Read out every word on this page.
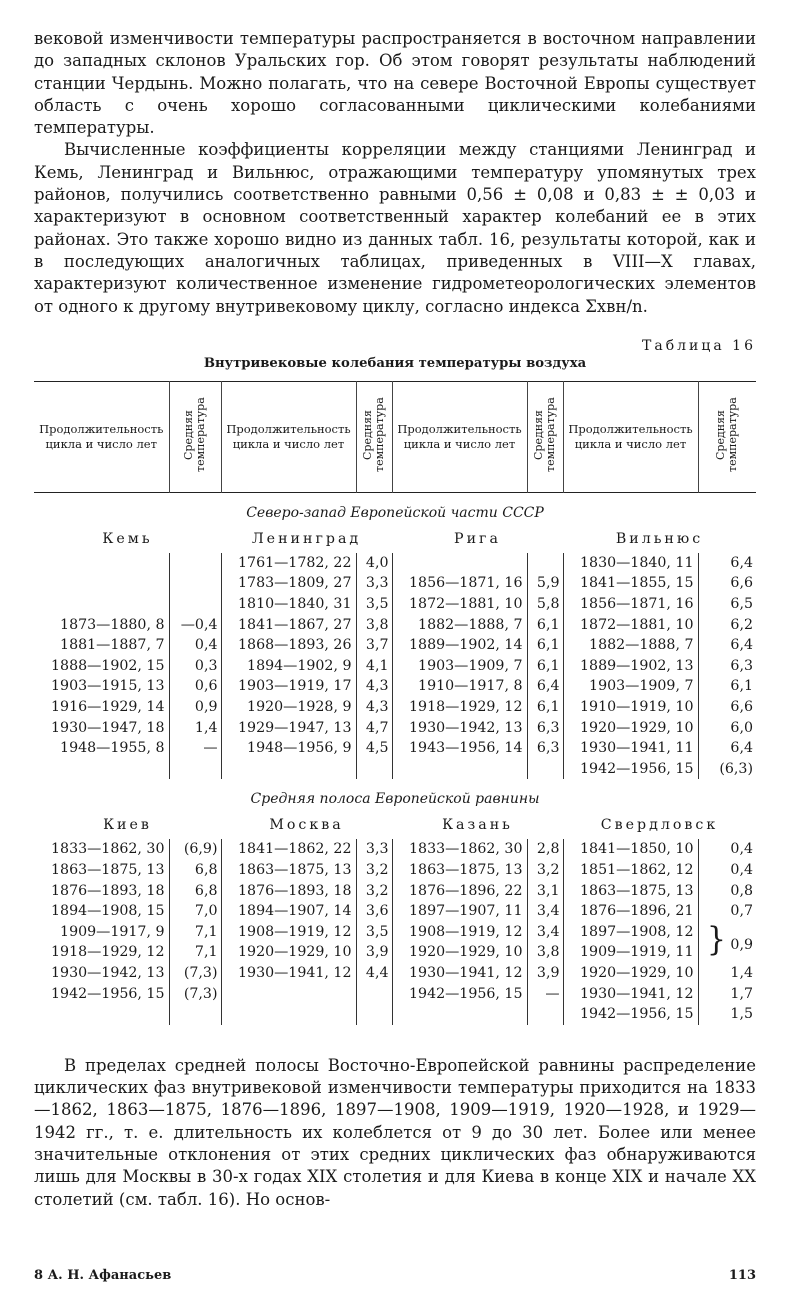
вековой изменчивости температуры распространяется в восточном направлении до западных склонов Уральских гор. Об этом говорят результаты наблюдений станции Чердынь. Можно полагать, что на севере Восточной Европы существует область с очень хорошо согласованными циклическими колебаниями температуры.

Вычисленные коэффициенты корреляции между станциями Ленинград и Кемь, Ленинград и Вильнюс, отражающими температуру упомянутых трех районов, получились соответственно равными 0,56 ± 0,08 и 0,83 ± ± 0,03 и характеризуют в основном соответственный характер колебаний ее в этих районах. Это также хорошо видно из данных табл. 16, результаты которой, как и в последующих аналогичных таблицах, приведенных в VIII—X главах, характеризуют количественное изменение гидрометеорологических элементов от одного к другому внутривековому циклу, согласно индекса Σxвн/n.

Таблица 16
Внутривековые колебания температуры воздуха
Продолжительность цикла и число лет	Средняя температура	Продолжительность цикла и число лет	Средняя температура	Продолжительность цикла и число лет	Средняя температура	Продолжительность цикла и число лет	Средняя температура
Северо-запад Европейской части СССР
Кемь		Ленинград		Рига		Вильнюс	
		1761—1782, 22	4,0			1830—1840, 11	6,4
		1783—1809, 27	3,3	1856—1871, 16	5,9	1841—1855, 15	6,6
		1810—1840, 31	3,5	1872—1881, 10	5,8	1856—1871, 16	6,5
1873—1880, 8	—0,4	1841—1867, 27	3,8	1882—1888, 7	6,1	1872—1881, 10	6,2
1881—1887, 7	0,4	1868—1893, 26	3,7	1889—1902, 14	6,1	1882—1888, 7	6,4
1888—1902, 15	0,3	1894—1902, 9	4,1	1903—1909, 7	6,1	1889—1902, 13	6,3
1903—1915, 13	0,6	1903—1919, 17	4,3	1910—1917, 8	6,4	1903—1909, 7	6,1
1916—1929, 14	0,9	1920—1928, 9	4,3	1918—1929, 12	6,1	1910—1919, 10	6,6
1930—1947, 18	1,4	1929—1947, 13	4,7	1930—1942, 13	6,3	1920—1929, 10	6,0
1948—1955, 8	—	1948—1956, 9	4,5	1943—1956, 14	6,3	1930—1941, 11	6,4
						1942—1956, 15	(6,3)
Средняя полоса Европейской равнины
Киев		Москва		Казань		Свердловск	
1833—1862, 30	(6,9)	1841—1862, 22	3,3	1833—1862, 30	2,8	1841—1850, 10	0,4
1863—1875, 13	6,8	1863—1875, 13	3,2	1863—1875, 13	3,2	1851—1862, 12	0,4
1876—1893, 18	6,8	1876—1893, 18	3,2	1876—1896, 22	3,1	1863—1875, 13	0,8
1894—1908, 15	7,0	1894—1907, 14	3,6	1897—1907, 11	3,4	1876—1896, 21	0,7
1909—1917, 9	7,1	1908—1919, 12	3,5	1908—1919, 12	3,4	1897—1908, 12	} 0,9
1918—1929, 12	7,1	1920—1929, 10	3,9	1920—1929, 10	3,8	1909—1919, 11	
1930—1942, 13	(7,3)	1930—1941, 12	4,4	1930—1941, 12	3,9	1920—1929, 10	1,4
1942—1956, 15	(7,3)			1942—1956, 15	—	1930—1941, 12	1,7
						1942—1956, 15	1,5

В пределах средней полосы Восточно-Европейской равнины распределение циклических фаз внутривековой изменчивости температуры приходится на 1833—1862, 1863—1875, 1876—1896, 1897—1908, 1909—1919, 1920—1928, и 1929—1942 гг., т. е. длительность их колеблется от 9 до 30 лет. Более или менее значительные отклонения от этих средних циклических фаз обнаруживаются лишь для Москвы в 30-х годах XIX столетия и для Киева в конце XIX и начале XX столетий (см. табл. 16). Но основ-

8 А. Н. Афанасьев	113
